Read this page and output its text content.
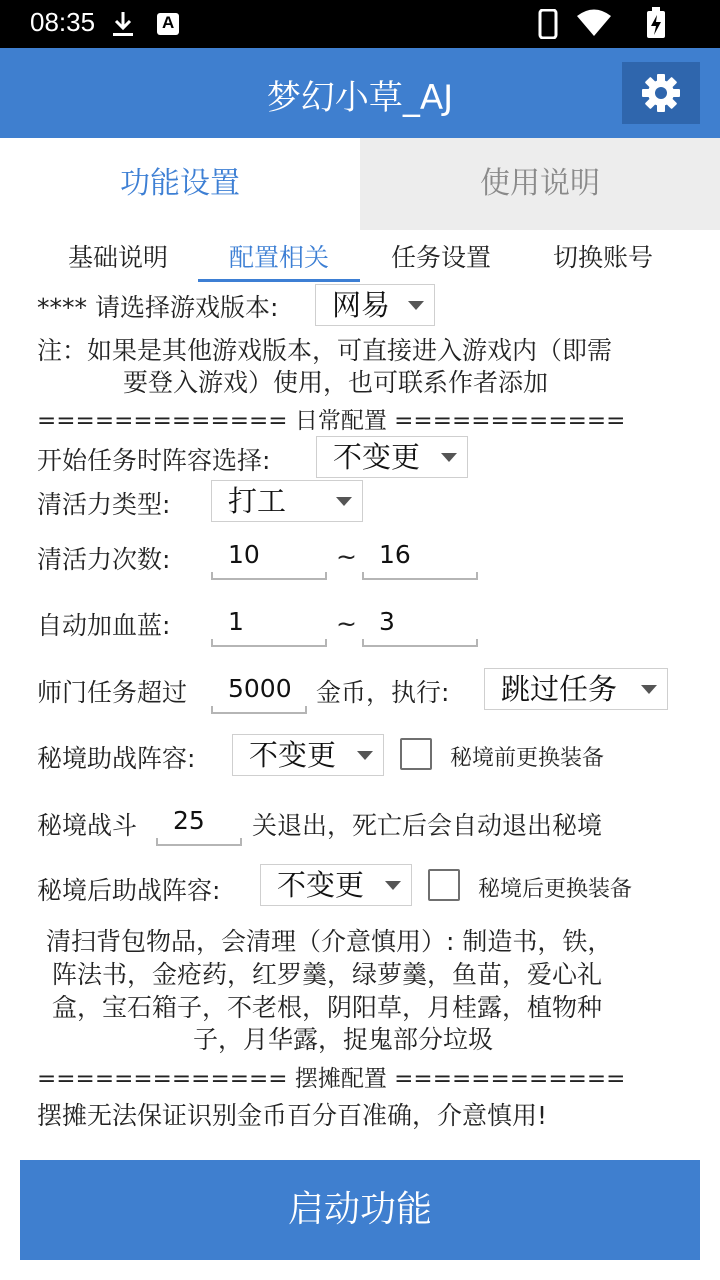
08:35	A
梦幻小草_AJ
功能设置	使用说明
基础说明	配置相关	任务设置	切换账号
**** 请选择游戏版本: 网易
注：如果是其他游戏版本，可直接进入游戏内（即需
要登入游戏）使用，也可联系作者添加
============= 日常配置 ============
开始任务时阵容选择: 不变更
清活力类型: 打工
清活力次数: 10	~ 16
自动加血蓝: 1	~ 3
师门任务超过 5000 金币，执行: 跳过任务
秘境助战阵容: 不变更	秘境前更换装备
秘境战斗 25 关退出，死亡后会自动退出秘境
秘境后助战阵容: 不变更	秘境后更换装备
清扫背包物品，会清理（介意慎用）: 制造书，铁，
阵法书，金疮药，红罗羹，绿萝羹，鱼苗，爱心礼
盒，宝石箱子，不老根，阴阳草，月桂露，植物种
子，月华露，捉鬼部分垃圾
============= 摆摊配置 ============
摆摊无法保证识别金币百分百准确，介意慎用!
启动功能
